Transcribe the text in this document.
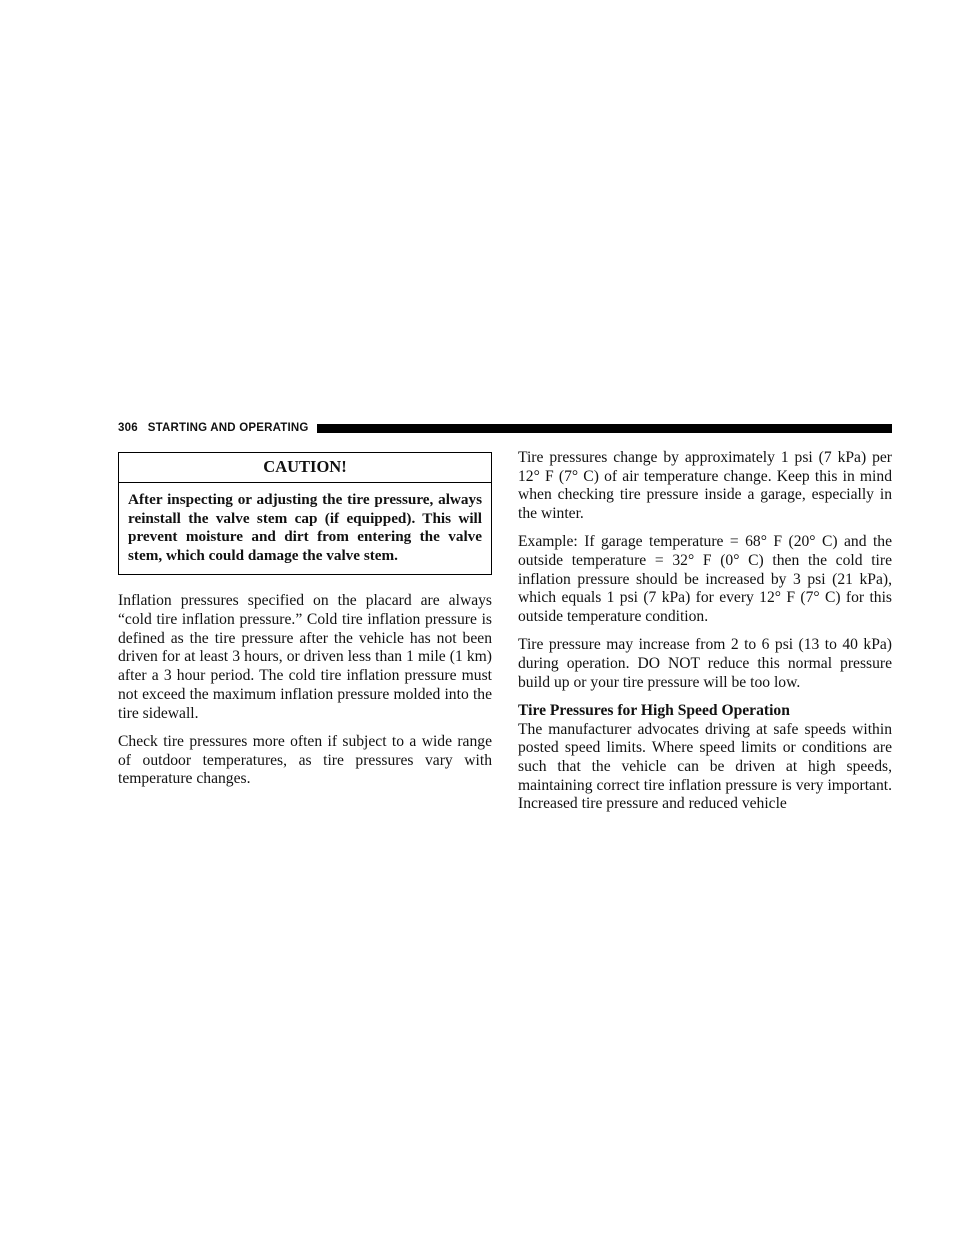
306 STARTING AND OPERATING
CAUTION!
After inspecting or adjusting the tire pressure, always reinstall the valve stem cap (if equipped). This will prevent moisture and dirt from entering the valve stem, which could damage the valve stem.

Inflation pressures specified on the placard are always “cold tire inflation pressure.” Cold tire inflation pressure is defined as the tire pressure after the vehicle has not been driven for at least 3 hours, or driven less than 1 mile (1 km) after a 3 hour period. The cold tire inflation pressure must not exceed the maximum inflation pressure molded into the tire sidewall.

Check tire pressures more often if subject to a wide range of outdoor temperatures, as tire pressures vary with temperature changes.

Tire pressures change by approximately 1 psi (7 kPa) per 12° F (7° C) of air temperature change. Keep this in mind when checking tire pressure inside a garage, especially in the winter.

Example: If garage temperature = 68° F (20° C) and the outside temperature = 32° F (0° C) then the cold tire inflation pressure should be increased by 3 psi (21 kPa), which equals 1 psi (7 kPa) for every 12° F (7° C) for this outside temperature condition.

Tire pressure may increase from 2 to 6 psi (13 to 40 kPa) during operation. DO NOT reduce this normal pressure build up or your tire pressure will be too low.

Tire Pressures for High Speed Operation

The manufacturer advocates driving at safe speeds within posted speed limits. Where speed limits or conditions are such that the vehicle can be driven at high speeds, maintaining correct tire inflation pressure is very important. Increased tire pressure and reduced vehicle
